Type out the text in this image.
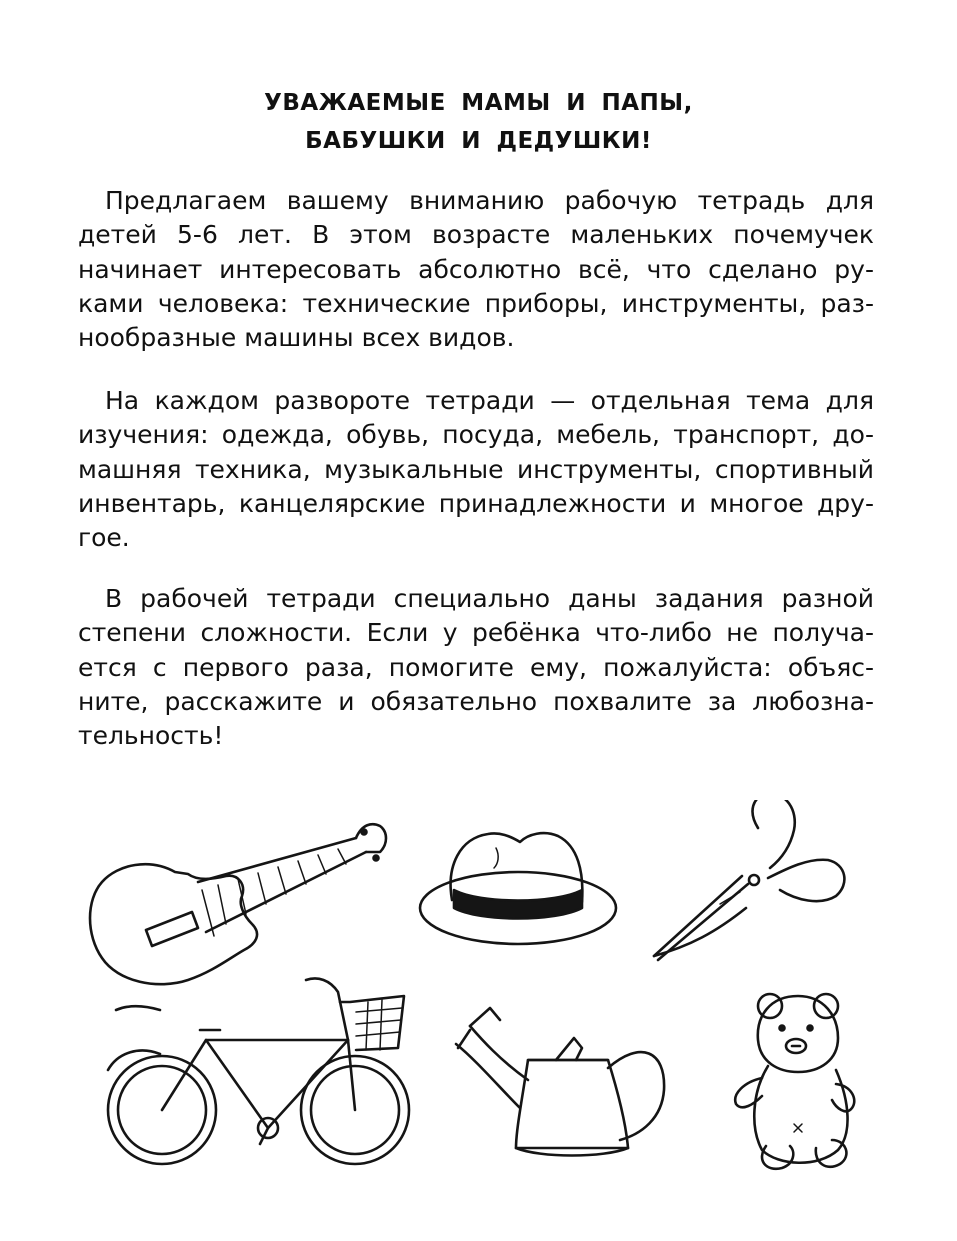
УВАЖАЕМЫЕ МАМЫ И ПАПЫ,
БАБУШКИ И ДЕДУШКИ!

Предлагаем вашему вниманию рабочую тетрадь для
детей 5-6 лет. В этом возрасте маленьких почемучек
начинает интересовать абсолютно всё, что сделано ру-
ками человека: технические приборы, инструменты, раз-
нообразные машины всех видов.

На каждом развороте тетради — отдельная тема для
изучения: одежда, обувь, посуда, мебель, транспорт, до-
машняя техника, музыкальные инструменты, спортивный
инвентарь, канцелярские принадлежности и многое дру-
гое.

В рабочей тетради специально даны задания разной
степени сложности. Если у ребёнка что-либо не получа-
ется с первого раза, помогите ему, пожалуйста: объяс-
ните, расскажите и обязательно похвалите за любозна-
тельность!
